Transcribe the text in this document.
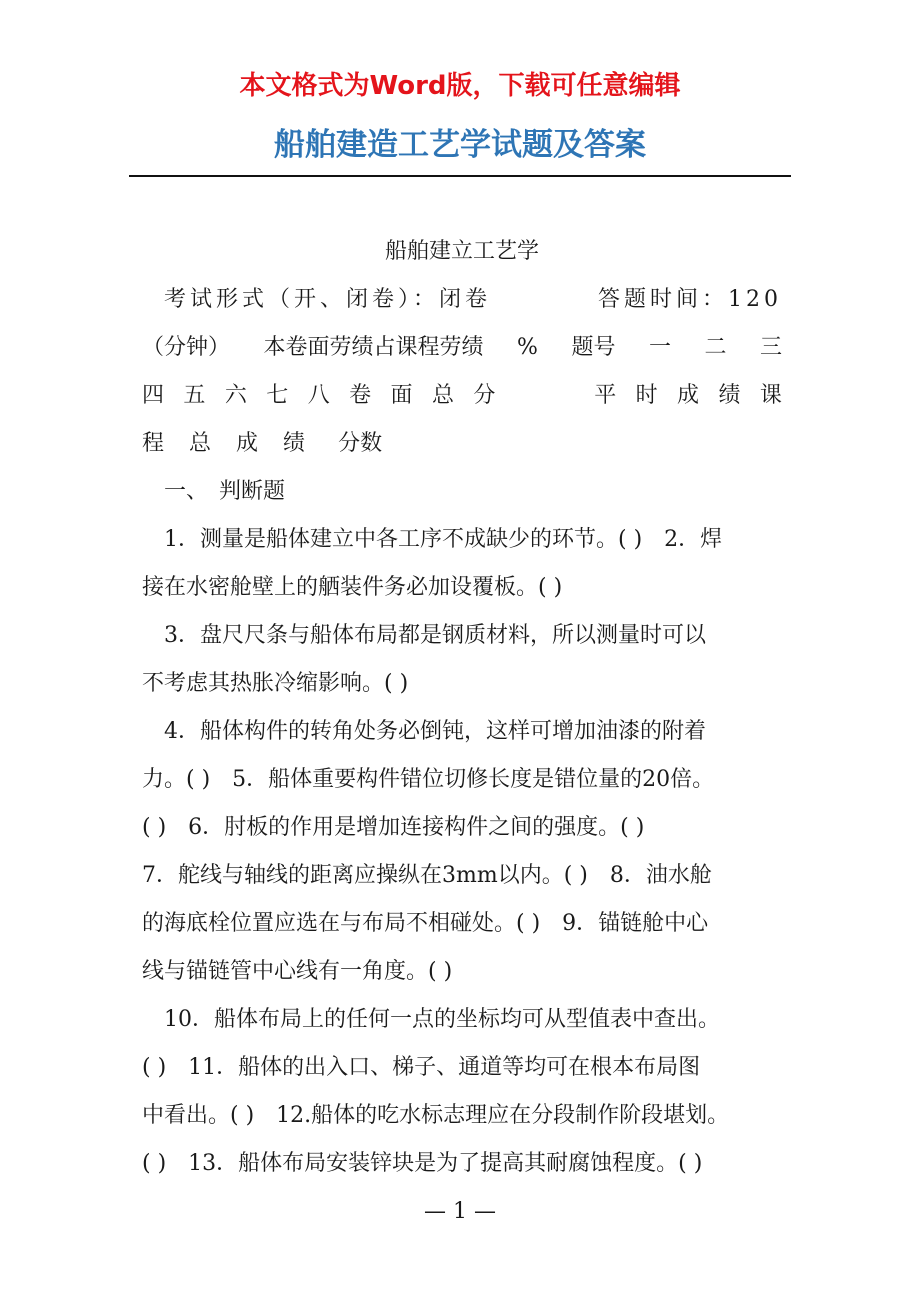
本文格式为Word版，下载可任意编辑
船舶建造工艺学试题及答案
船舶建立工艺学
考试形式（开、闭卷）：闭卷	答题时间：120
（分钟） 本卷面劳绩占课程劳绩 % 题号 一 二 三
四 五 六 七 八 卷 面 总 分	平 时 成 绩 课
程 总 成 绩 分数
一、　判断题
1．测量是船体建立中各工序不成缺少的环节。( )　2．焊
接在水密舱壁上的舾装件务必加设覆板。( )
3．盘尺尺条与船体布局都是钢质材料，所以测量时可以
不考虑其热胀冷缩影响。( )
4．船体构件的转角处务必倒钝，这样可增加油漆的附着
力。( )　5．船体重要构件错位切修长度是错位量的20倍。
( )　6．肘板的作用是增加连接构件之间的强度。( )
7．舵线与轴线的距离应操纵在3mm以内。( )　8．油水舱
的海底栓位置应选在与布局不相碰处。( )　9．锚链舱中心
线与锚链管中心线有一角度。( )
10．船体布局上的任何一点的坐标均可从型值表中查出。
( )　11．船体的出入口、梯子、通道等均可在根本布局图
中看出。( )　12.船体的吃水标志理应在分段制作阶段堪划。
( )　13．船体布局安装锌块是为了提高其耐腐蚀程度。( )
— 1 —
